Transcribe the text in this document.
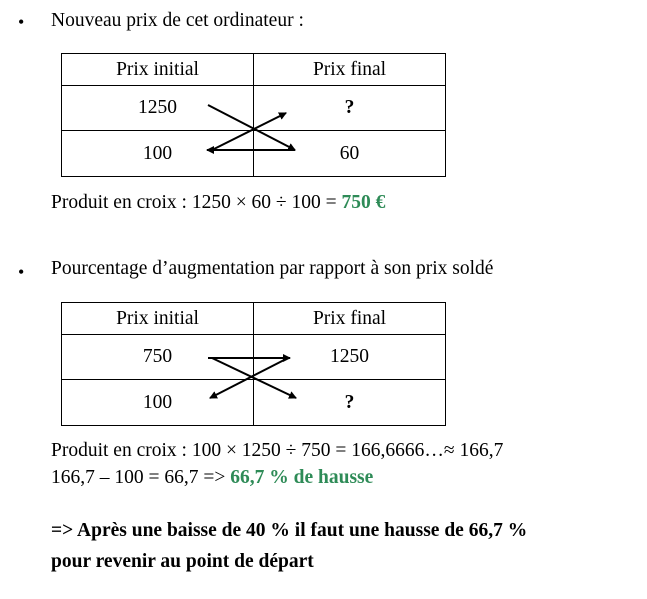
• Nouveau prix de cet ordinateur :
Prix initial	Prix final
1250	?
100	60
Produit en croix : 1250 × 60 ÷ 100 = 750 €
• Pourcentage d’augmentation par rapport à son prix soldé
Prix initial	Prix final
750	1250
100	?
Produit en croix : 100 × 1250 ÷ 750 = 166,6666…≈ 166,7
166,7 – 100 = 66,7 => 66,7 % de hausse
=> Après une baisse de 40 % il faut une hausse de 66,7 %
pour revenir au point de départ
